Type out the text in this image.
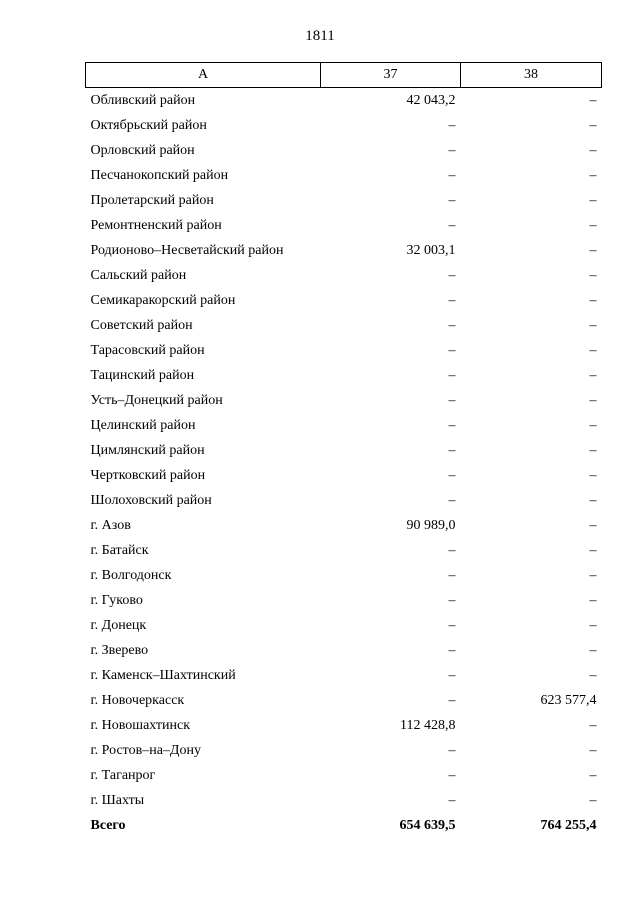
1811
А	37	38
Обливский район	42 043,2	–
Октябрьский район	–	–
Орловский район	–	–
Песчанокопский район	–	–
Пролетарский район	–	–
Ремонтненский район	–	–
Родионово–Несветайский район	32 003,1	–
Сальский район	–	–
Семикаракорский район	–	–
Советский район	–	–
Тарасовский район	–	–
Тацинский район	–	–
Усть–Донецкий район	–	–
Целинский район	–	–
Цимлянский район	–	–
Чертковский район	–	–
Шолоховский район	–	–
г. Азов	90 989,0	–
г. Батайск	–	–
г. Волгодонск	–	–
г. Гуково	–	–
г. Донецк	–	–
г. Зверево	–	–
г. Каменск–Шахтинский	–	–
г. Новочеркасск	–	623 577,4
г. Новошахтинск	112 428,8	–
г. Ростов–на–Дону	–	–
г. Таганрог	–	–
г. Шахты	–	–
Всего	654 639,5	764 255,4
